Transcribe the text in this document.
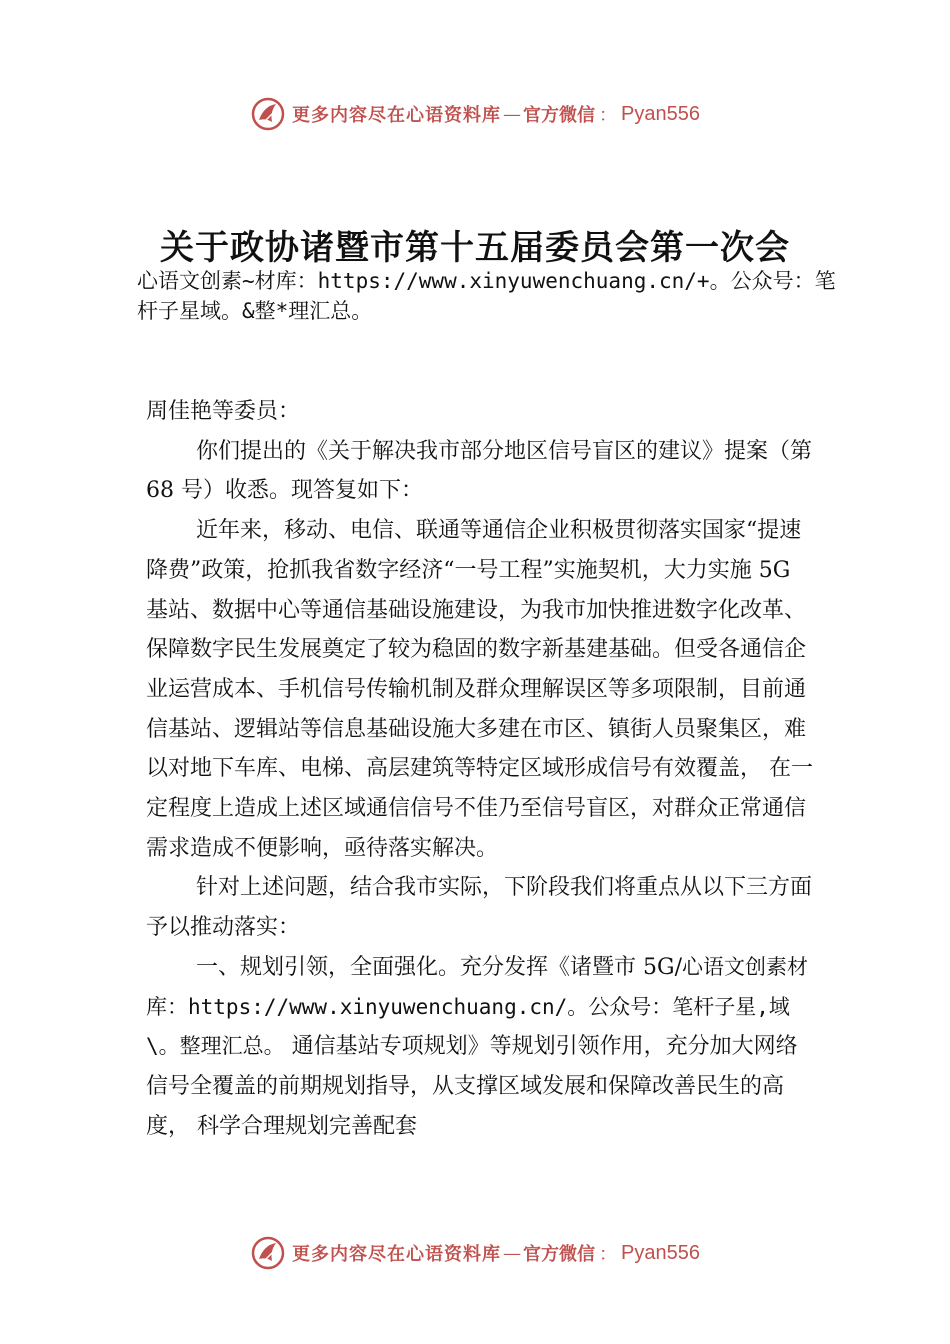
更多内容尽在心语资料库 — 官方微信 ： Pyan556
关于政协诸暨市第十五届委员会第一次会
心语文创素~材库：https://www.xinyuwenchuang.cn/+。公众号：笔杆子星域。&整*理汇总。

周佳艳等委员：

你们提出的《关于解决我市部分地区信号盲区的建议》提案（第 68 号）收悉。现答复如下：

近年来，移动、电信、联通等通信企业积极贯彻落实国家“提速降费”政策，抢抓我省数字经济“一号工程”实施契机，大力实施 5G 基站、数据中心等通信基础设施建设，为我市加快推进数字化改革、保障数字民生发展奠定了较为稳固的数字新基建基础。但受各通信企业运营成本、手机信号传输机制及群众理解误区等多项限制，目前通信基站、逻辑站等信息基础设施大多建在市区、镇街人员聚集区，难以对地下车库、电梯、高层建筑等特定区域形成信号有效覆盖， 在一定程度上造成上述区域通信信号不佳乃至信号盲区，对群众正常通信需求造成不便影响，亟待落实解决。

针对上述问题，结合我市实际，下阶段我们将重点从以下三方面予以推动落实：

一、规划引领，全面强化。充分发挥《诸暨市 5G/心语文创素材库：https://www.xinyuwenchuang.cn/。公众号：笔杆子星,域\。整理汇总。 通信基站专项规划》等规划引领作用，充分加大网络信号全覆盖的前期规划指导，从支撑区域发展和保障改善民生的高度， 科学合理规划完善配套

更多内容尽在心语资料库 — 官方微信 ： Pyan556
